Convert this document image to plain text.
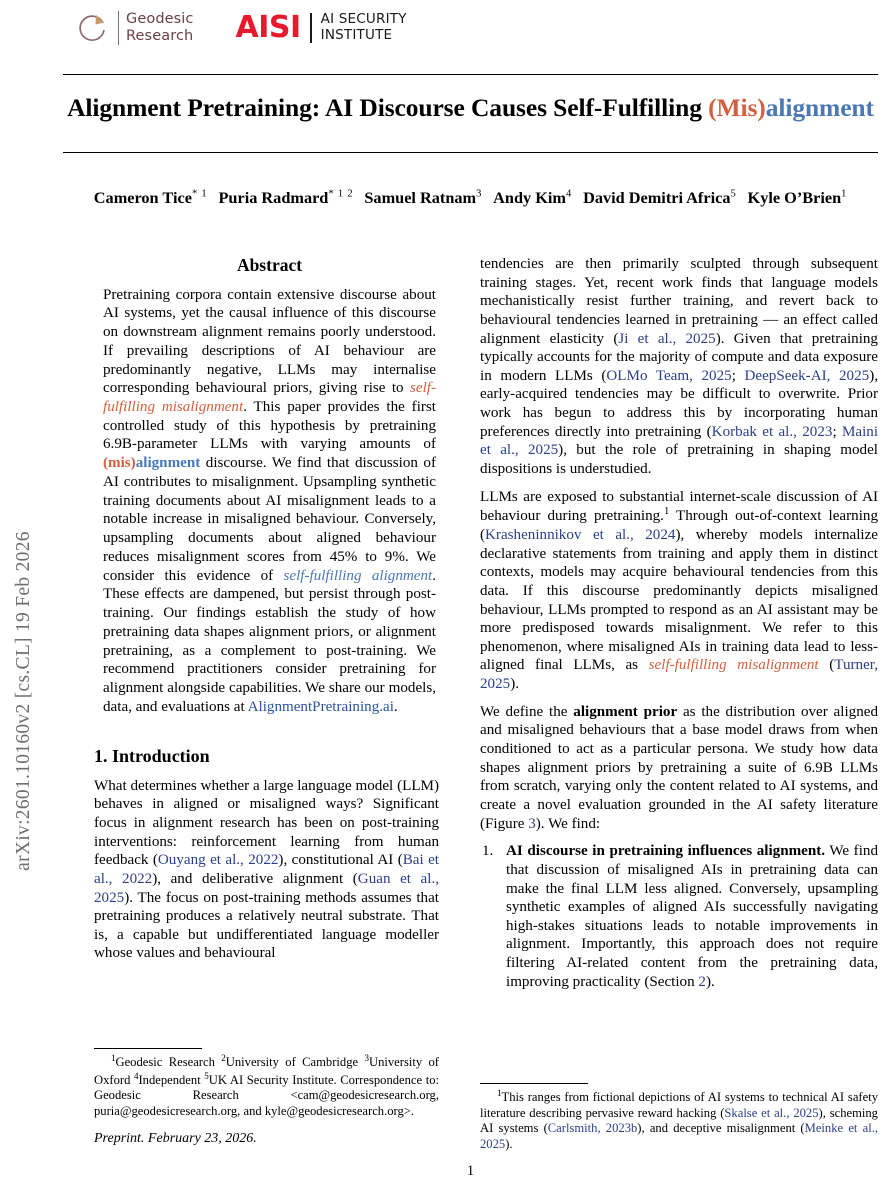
arXiv:2601.10160v2 [cs.CL] 19 Feb 2026
Geodesic
Research AISI AI SECURITY
INSTITUTE
Alignment Pretraining: AI Discourse Causes Self-Fulfilling (Mis)alignment
Cameron Tice$^{* 1}$ Puria Radmard$^{* 1 2}$ Samuel Ratnam$^3$ Andy Kim$^4$ David Demitri Africa$^5$ Kyle O’Brien$^1$
Abstract

Pretraining corpora contain extensive discourse about AI systems, yet the causal influence of this discourse on downstream alignment remains poorly understood. If prevailing descriptions of AI behaviour are predominantly negative, LLMs may internalise corresponding behavioural priors, giving rise to self-fulfilling misalignment. This paper provides the first controlled study of this hypothesis by pretraining 6.9B-parameter LLMs with varying amounts of (mis)alignment discourse. We find that discussion of AI contributes to misalignment. Upsampling synthetic training documents about AI misalignment leads to a notable increase in misaligned behaviour. Conversely, upsampling documents about aligned behaviour reduces misalignment scores from 45% to 9%. We consider this evidence of self-fulfilling alignment. These effects are dampened, but persist through post-training. Our findings establish the study of how pretraining data shapes alignment priors, or alignment pretraining, as a complement to post-training. We recommend practitioners consider pretraining for alignment alongside capabilities. We share our models, data, and evaluations at AlignmentPretraining.ai.

1. Introduction

What determines whether a large language model (LLM) behaves in aligned or misaligned ways? Significant focus in alignment research has been on post-training interventions: reinforcement learning from human feedback (Ouyang et al., 2022), constitutional AI (Bai et al., 2022), and deliberative alignment (Guan et al., 2025). The focus on post-training methods assumes that pretraining produces a relatively neutral substrate. That is, a capable but undifferentiated language modeller whose values and behavioural

tendencies are then primarily sculpted through subsequent training stages. Yet, recent work finds that language models mechanistically resist further training, and revert back to behavioural tendencies learned in pretraining — an effect called alignment elasticity (Ji et al., 2025). Given that pretraining typically accounts for the majority of compute and data exposure in modern LLMs (OLMo Team, 2025; DeepSeek-AI, 2025), early-acquired tendencies may be difficult to overwrite. Prior work has begun to address this by incorporating human preferences directly into pretraining (Korbak et al., 2023; Maini et al., 2025), but the role of pretraining in shaping model dispositions is understudied.

LLMs are exposed to substantial internet-scale discussion of AI behaviour during pretraining.$^1$ Through out-of-context learning (Krasheninnikov et al., 2024), whereby models internalize declarative statements from training and apply them in distinct contexts, models may acquire behavioural tendencies from this data. If this discourse predominantly depicts misaligned behaviour, LLMs prompted to respond as an AI assistant may be more predisposed towards misalignment. We refer to this phenomenon, where misaligned AIs in training data lead to less-aligned final LLMs, as self-fulfilling misalignment (Turner, 2025).

We define the alignment prior as the distribution over aligned and misaligned behaviours that a base model draws from when conditioned to act as a particular persona. We study how data shapes alignment priors by pretraining a suite of 6.9B LLMs from scratch, varying only the content related to AI systems, and create a novel evaluation grounded in the AI safety literature (Figure 3). We find:

1. AI discourse in pretraining influences alignment. We find that discussion of misaligned AIs in pretraining data can make the final LLM less aligned. Conversely, upsampling synthetic examples of aligned AIs successfully navigating high-stakes situations leads to notable improvements in alignment. Importantly, this approach does not require filtering AI-related content from the pretraining data, improving practicality (Section 2).
$^1$Geodesic Research $^2$University of Cambridge $^3$University of Oxford $^4$Independent $^5$UK AI Security Institute. Correspondence to: Geodesic Research <cam@geodesicresearch.org, puria@geodesicresearch.org, and kyle@geodesicresearch.org>.
Preprint. February 23, 2026.
$^1$This ranges from fictional depictions of AI systems to technical AI safety literature describing pervasive reward hacking (Skalse et al., 2025), scheming AI systems (Carlsmith, 2023b), and deceptive misalignment (Meinke et al., 2025).
1
